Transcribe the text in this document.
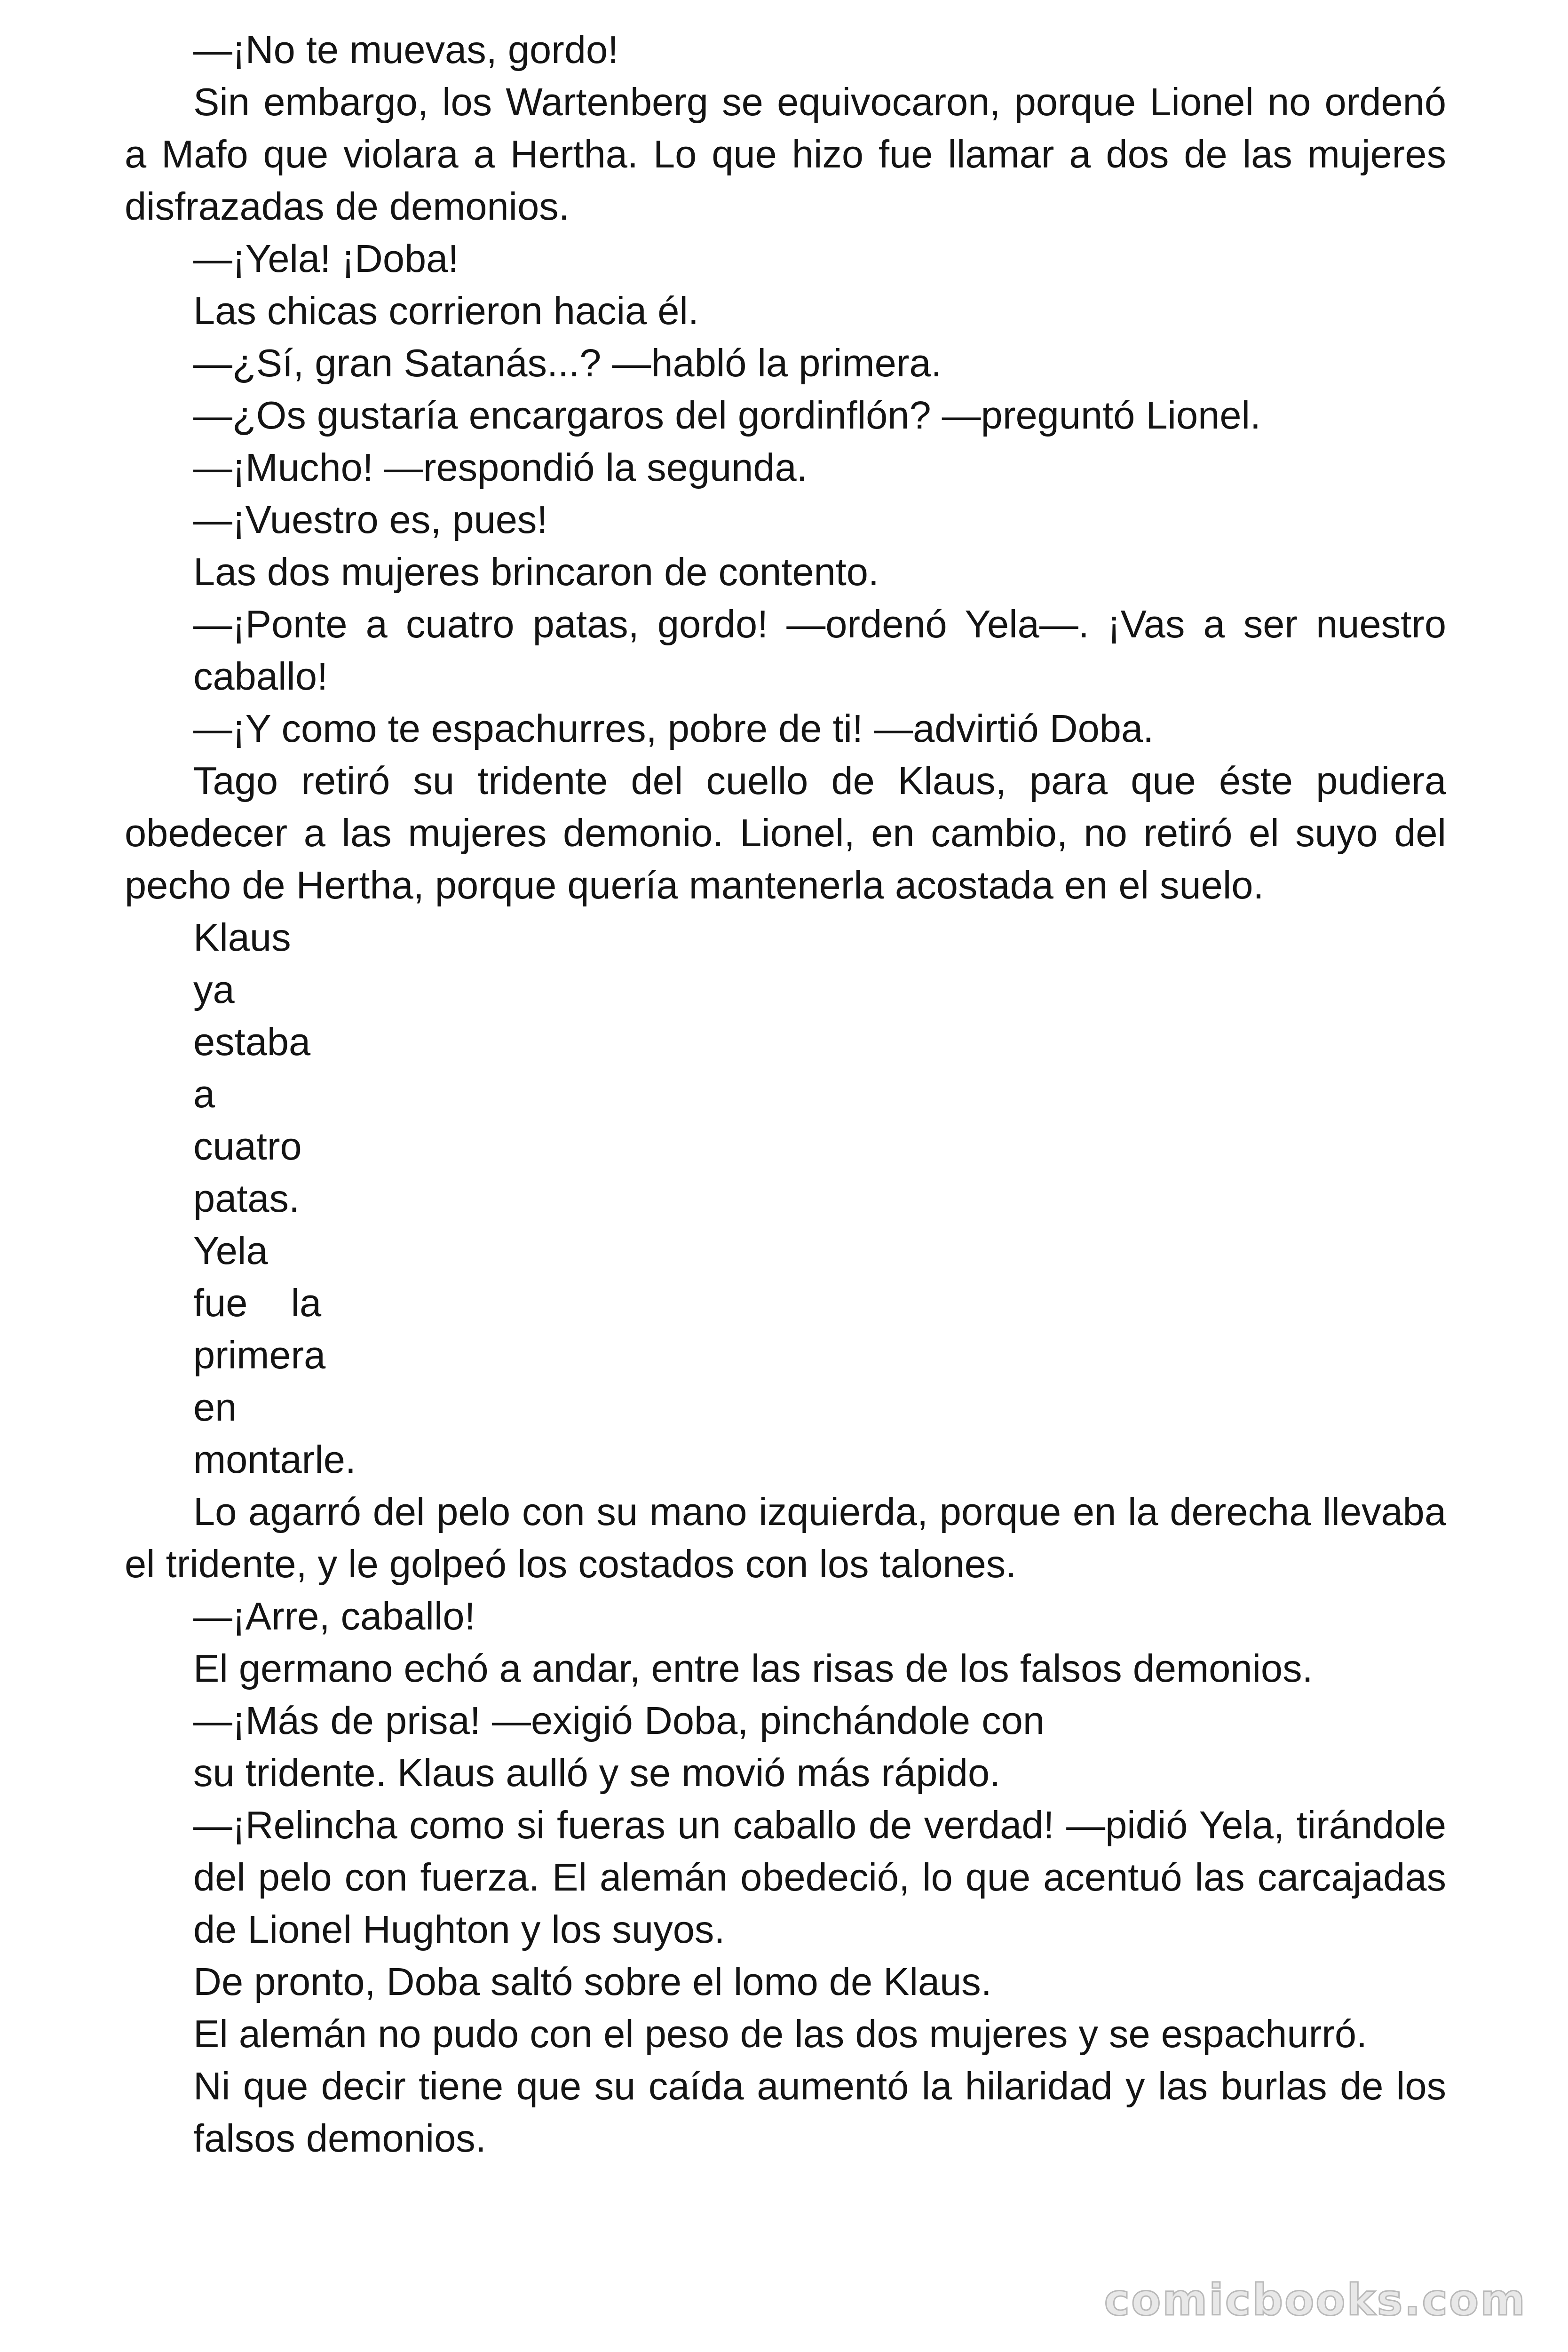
—¡No te muevas, gordo!

Sin embargo, los Wartenberg se equivocaron, porque Lionel no ordenó a Mafo que violara a Hertha. Lo que hizo fue llamar a dos de las mujeres disfrazadas de demonios.

—¡Yela! ¡Doba!

Las chicas corrieron hacia él.

—¿Sí, gran Satanás...? —habló la primera.

—¿Os gustaría encargaros del gordinflón? —preguntó Lionel.

—¡Mucho! —respondió la segunda.

—¡Vuestro es, pues!

Las dos mujeres brincaron de contento.

—¡Ponte a cuatro patas, gordo! —ordenó Yela—. ¡Vas a ser nuestro caballo!

—¡Y como te espachurres, pobre de ti! —advirtió Doba.

Tago retiró su tridente del cuello de Klaus, para que éste pudiera obedecer a las mujeres demonio. Lionel, en cambio, no retiró el suyo del pecho de Hertha, porque quería mantenerla acostada en el suelo.

Klaus
ya
estaba
a
cuatro
patas.
Yela
fue    la
primera
en
montarle.

Lo agarró del pelo con su mano izquierda, porque en la derecha llevaba el tridente, y le golpeó los costados con los talones.

—¡Arre, caballo!

El germano echó a andar, entre las risas de los falsos demonios.

—¡Más de prisa! —exigió Doba, pinchándole con su tridente. Klaus aulló y se movió más rápido.

—¡Relincha como si fueras un caballo de verdad! —pidió Yela, tirándole del pelo con fuerza. El alemán obedeció, lo que acentuó las carcajadas de Lionel Hughton y los suyos.

De pronto, Doba saltó sobre el lomo de Klaus.

El alemán no pudo con el peso de las dos mujeres y se espachurró.

Ni que decir tiene que su caída aumentó la hilaridad y las burlas de los falsos demonios.

comicbooks.com
